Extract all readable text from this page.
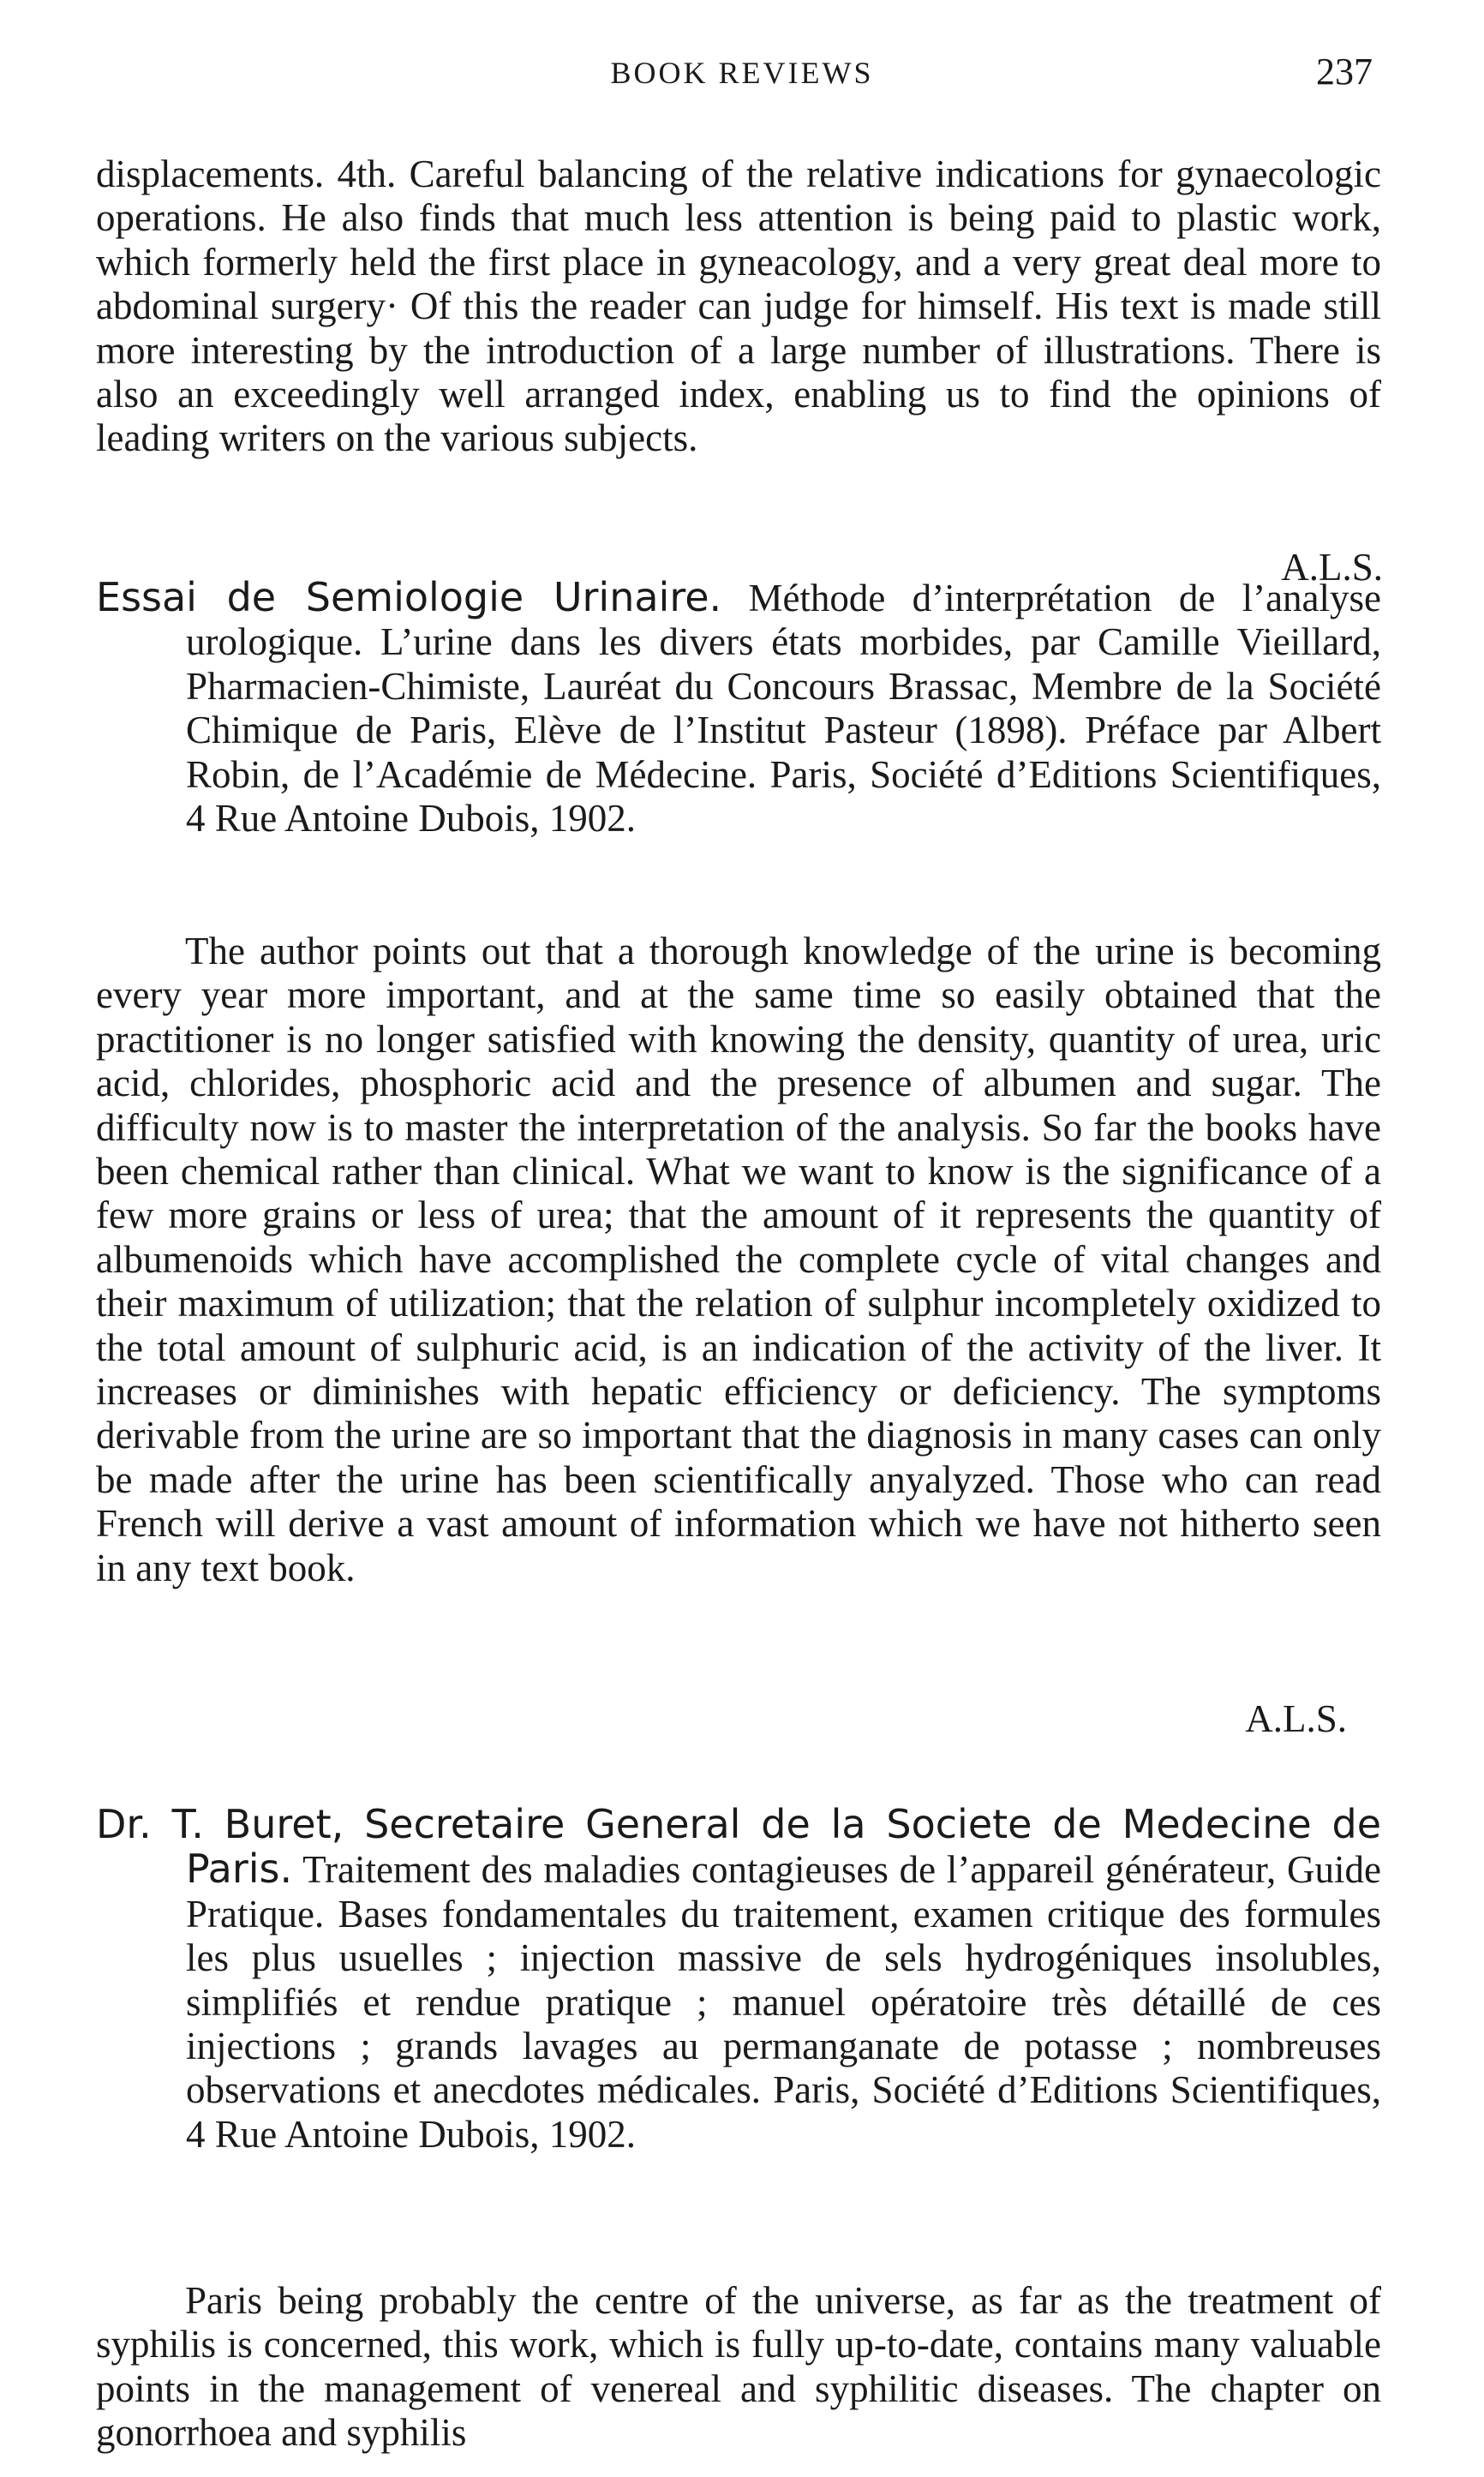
BOOK REVIEWS	237

displacements. 4th. Careful balancing of the relative indications for gynaecologic operations. He also finds that much less attention is being paid to plastic work, which formerly held the first place in gyneacology, and a very great deal more to abdominal surgery· Of this the reader can judge for himself. His text is made still more interesting by the introduction of a large number of illustrations. There is also an exceedingly well arranged index, enabling us to find the opinions of leading writers on the various subjects.

A.L.S.

Essai de Semiologie Urinaire. Méthode d’interprétation de l’analyse urologique. L’urine dans les divers états morbides, par Camille Vieillard, Pharmacien-Chimiste, Lauréat du Concours Brassac, Membre de la Société Chimique de Paris, Elève de l’Institut Pasteur (1898). Préface par Albert Robin, de l’Académie de Médecine. Paris, Société d’Editions Scientifiques, 4 Rue Antoine Dubois, 1902.

The author points out that a thorough knowledge of the urine is becoming every year more important, and at the same time so easily obtained that the practitioner is no longer satisfied with knowing the density, quantity of urea, uric acid, chlorides, phosphoric acid and the presence of albumen and sugar. The difficulty now is to master the interpretation of the analysis. So far the books have been chemical rather than clinical. What we want to know is the significance of a few more grains or less of urea; that the amount of it represents the quantity of albumenoids which have accomplished the complete cycle of vital changes and their maximum of utilization; that the relation of sulphur incompletely oxidized to the total amount of sulphuric acid, is an indication of the activity of the liver. It increases or diminishes with hepatic efficiency or deficiency. The symptoms derivable from the urine are so important that the diagnosis in many cases can only be made after the urine has been scientifically anyalyzed. Those who can read French will derive a vast amount of information which we have not hitherto seen in any text book.

A.L.S.

Dr. T. Buret, Secretaire General de la Societe de Medecine de Paris. Traitement des maladies contagieuses de l’appareil générateur, Guide Pratique. Bases fondamentales du traitement, examen critique des formules les plus usuelles ; injection massive de sels hydrogéniques insolubles, simplifiés et rendue pratique ; manuel opératoire très détaillé de ces injections ; grands lavages au permanganate de potasse ; nombreuses observations et anecdotes médicales. Paris, Société d’Editions Scientifiques, 4 Rue Antoine Dubois, 1902.

Paris being probably the centre of the universe, as far as the treatment of syphilis is concerned, this work, which is fully up-to-date, contains many valuable points in the management of venereal and syphilitic diseases. The chapter on gonorrhoea and syphilis
